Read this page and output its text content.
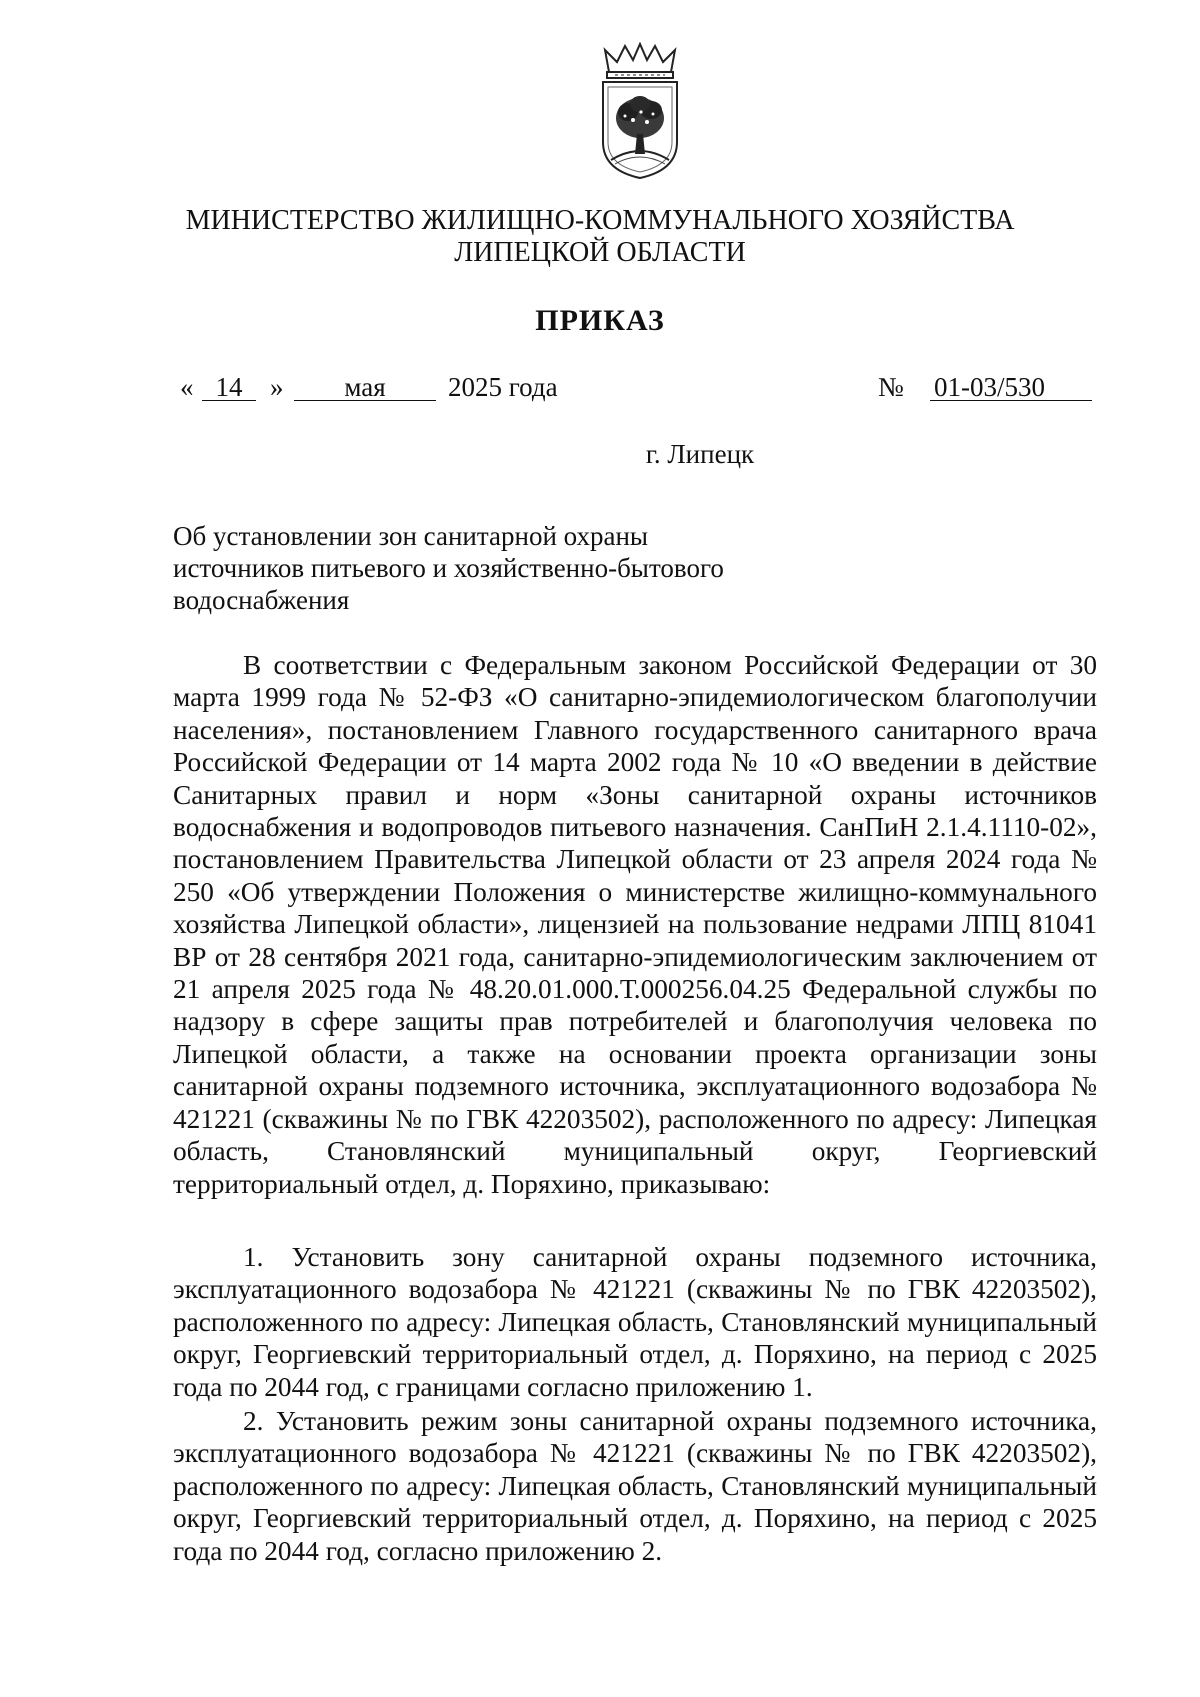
МИНИСТЕРСТВО ЖИЛИЩНО-КОММУНАЛЬНОГО ХОЗЯЙСТВА
ЛИПЕЦКОЙ ОБЛАСТИ
ПРИКАЗ
« 14	»	мая	2025 года	№ 01-03/530
г. Липецк
Об установлении зон санитарной охраны
источников питьевого и хозяйственно-бытового
водоснабжения

В соответствии с Федеральным законом Российской Федерации от 30 марта 1999 года № 52-ФЗ «О санитарно-эпидемиологическом благополучии населения», постановлением Главного государственного санитарного врача Российской Федерации от 14 марта 2002 года № 10 «О введении в действие Санитарных правил и норм «Зоны санитарной охраны источников водоснабжения и водопроводов питьевого назначения. СанПиН 2.1.4.1110-02», постановлением Правительства Липецкой области от 23 апреля 2024 года № 250 «Об утверждении Положения о министерстве жилищно-коммунального хозяйства Липецкой области», лицензией на пользование недрами ЛПЦ 81041 ВР от 28 сентября 2021 года, санитарно-эпидемиологическим заключением от 21 апреля 2025 года № 48.20.01.000.Т.000256.04.25 Федеральной службы по надзору в сфере защиты прав потребителей и благополучия человека по Липецкой области, а также на основании проекта организации зоны санитарной охраны подземного источника, эксплуатационного водозабора № 421221 (скважины № по ГВК 42203502), расположенного по адресу: Липецкая область, Становлянский муниципальный округ, Георгиевский территориальный отдел, д. Поряхино, приказываю:

1. Установить зону санитарной охраны подземного источника, эксплуатационного водозабора № 421221 (скважины № по ГВК 42203502), расположенного по адресу: Липецкая область, Становлянский муниципальный округ, Георгиевский территориальный отдел, д. Поряхино, на период с 2025 года по 2044 год, с границами согласно приложению 1.

2. Установить режим зоны санитарной охраны подземного источника, эксплуатационного водозабора № 421221 (скважины № по ГВК 42203502), расположенного по адресу: Липецкая область, Становлянский муниципальный округ, Георгиевский территориальный отдел, д. Поряхино, на период с 2025 года по 2044 год, согласно приложению 2.
